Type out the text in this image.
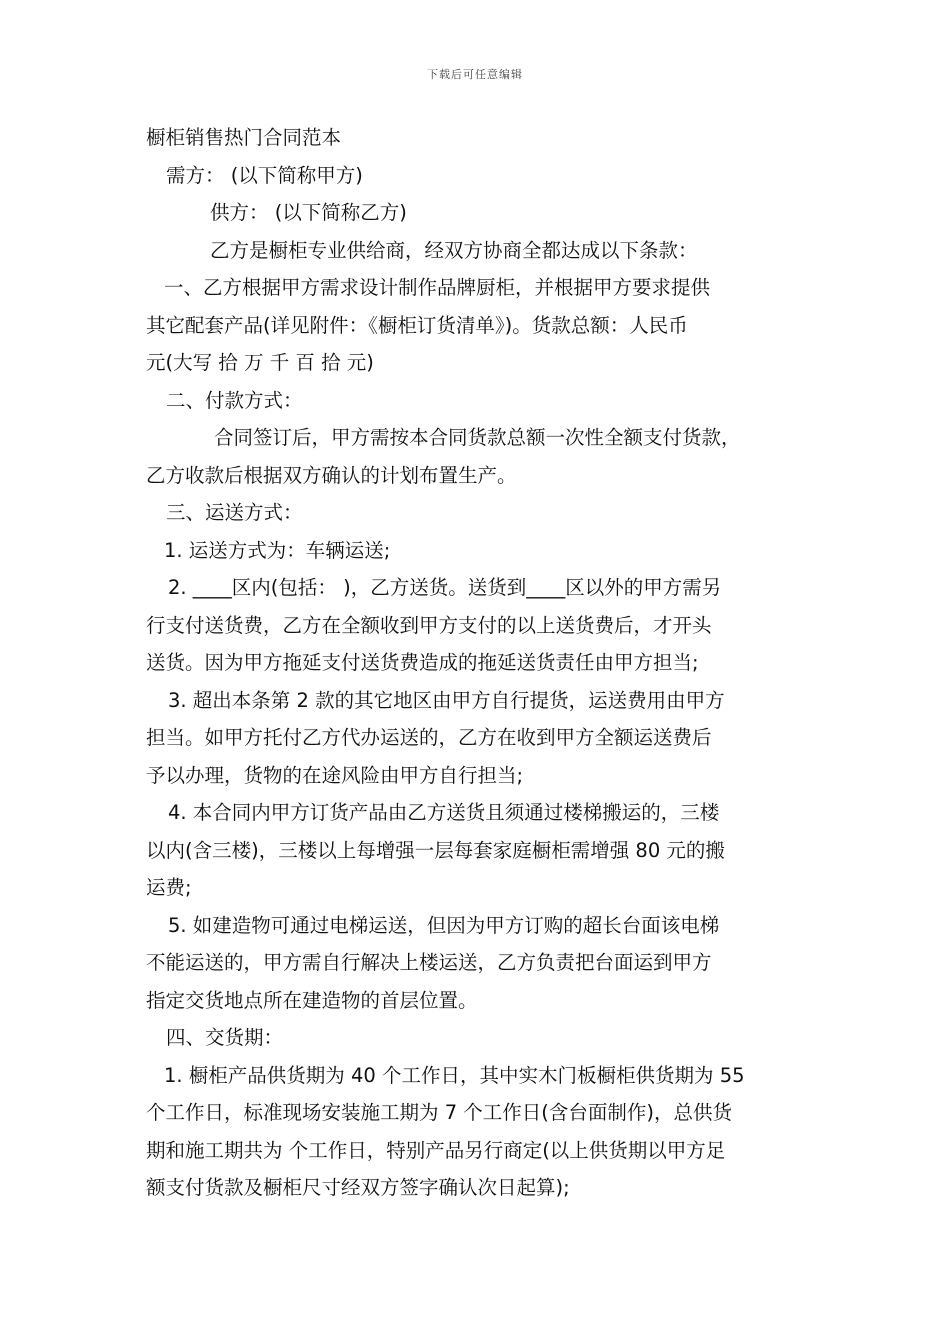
下载后可任意编辑

橱柜销售热门合同范本

需方： (以下简称甲方)

供方： (以下简称乙方)

乙方是橱柜专业供给商，经双方协商全都达成以下条款：

一、乙方根据甲方需求设计制作品牌厨柜，并根据甲方要求提供

其它配套产品(详见附件：《橱柜订货清单》)。货款总额：人民币

元(大写 拾 万 千 百 拾 元)

二、付款方式：

合同签订后，甲方需按本合同货款总额一次性全额支付货款，

乙方收款后根据双方确认的计划布置生产。

三、运送方式：

1. 运送方式为：车辆运送;

2. ____区内(包括： )，乙方送货。送货到____区以外的甲方需另

行支付送货费，乙方在全额收到甲方支付的以上送货费后，才开头

送货。因为甲方拖延支付送货费造成的拖延送货责任由甲方担当;

3. 超出本条第 2 款的其它地区由甲方自行提货，运送费用由甲方

担当。如甲方托付乙方代办运送的，乙方在收到甲方全额运送费后

予以办理，货物的在途风险由甲方自行担当;

4. 本合同内甲方订货产品由乙方送货且须通过楼梯搬运的，三楼

以内(含三楼)，三楼以上每增强一层每套家庭橱柜需增强 80 元的搬

运费;

5. 如建造物可通过电梯运送，但因为甲方订购的超长台面该电梯

不能运送的，甲方需自行解决上楼运送，乙方负责把台面运到甲方

指定交货地点所在建造物的首层位置。

四、交货期：

1. 橱柜产品供货期为 40 个工作日，其中实木门板橱柜供货期为 55

个工作日，标准现场安装施工期为 7 个工作日(含台面制作)，总供货

期和施工期共为 个工作日，特别产品另行商定(以上供货期以甲方足

额支付货款及橱柜尺寸经双方签字确认次日起算);
